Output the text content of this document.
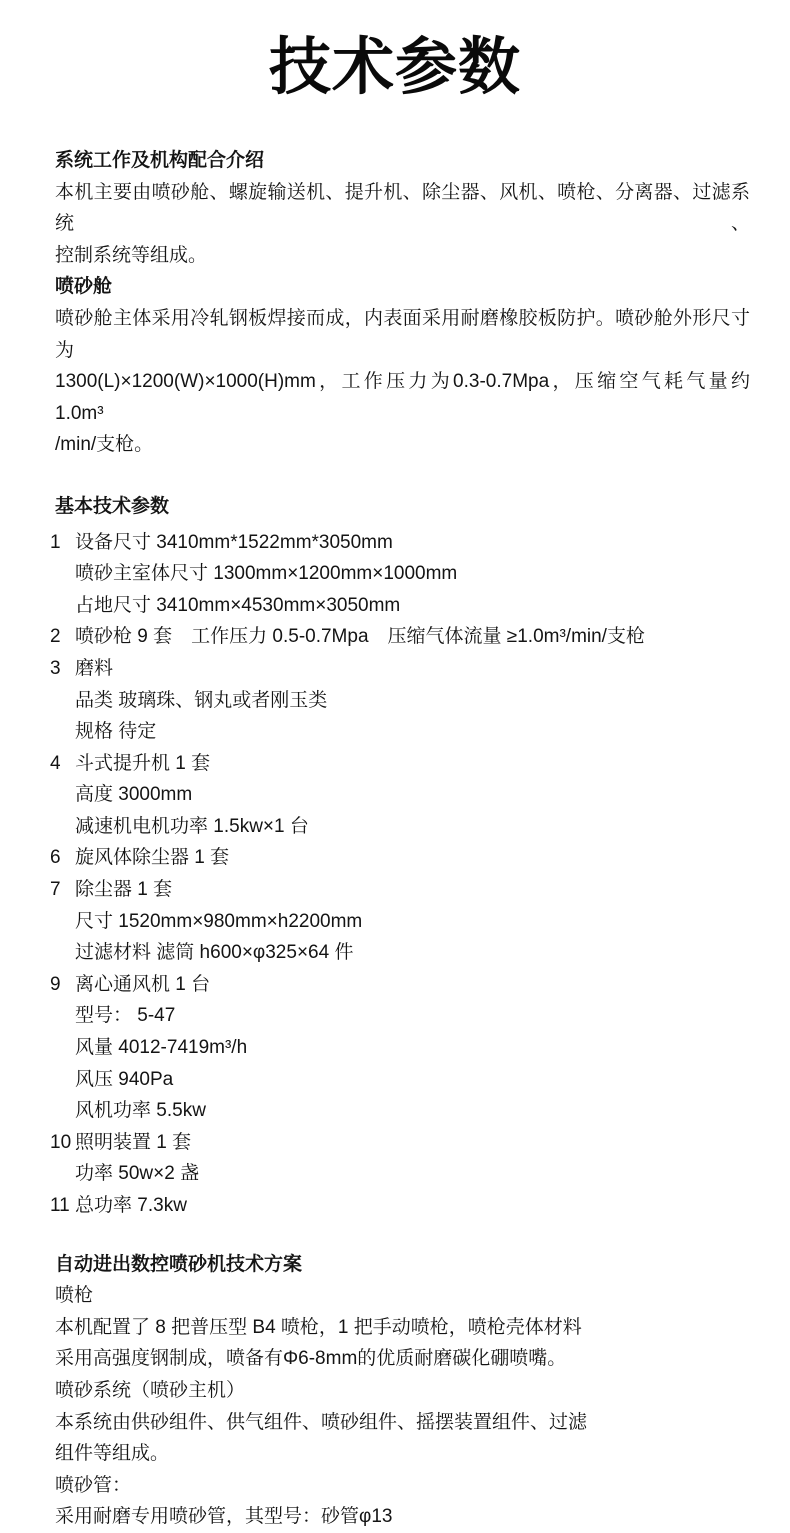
技术参数
系统工作及机构配合介绍
本机主要由喷砂舱、螺旋输送机、提升机、除尘器、风机、喷枪、分离器、过滤系统、
控制系统等组成。
喷砂舱
喷砂舱主体采用冷轧钢板焊接而成，内表面采用耐磨橡胶板防护。喷砂舱外形尺寸为
1300(L)×1200(W)×1000(H)mm，工作压力为0.3-0.7Mpa，压缩空气耗气量约 1.0m³
/min/支枪。
基本技术参数
1 设备尺寸 3410mm*1522mm*3050mm
喷砂主室体尺寸 1300mm×1200mm×1000mm
占地尺寸 3410mm×4530mm×3050mm
2 喷砂枪 9 套　工作压力 0.5-0.7Mpa　压缩气体流量 ≥1.0m³/min/支枪
3 磨料
品类 玻璃珠、钢丸或者刚玉类
规格 待定
4 斗式提升机 1 套
高度 3000mm
减速机电机功率 1.5kw×1 台
6 旋风体除尘器 1 套
7 除尘器 1 套
尺寸 1520mm×980mm×h2200mm
过滤材料 滤筒 h600×φ325×64 件
9 离心通风机 1 台
型号： 5-47
风量 4012-7419m³/h
风压 940Pa
风机功率 5.5kw
10 照明装置 1 套
功率 50w×2 盏
11 总功率 7.3kw
自动进出数控喷砂机技术方案
喷枪
本机配置了 8 把普压型 B4 喷枪，1 把手动喷枪，喷枪壳体材料
采用高强度钢制成，喷备有Φ6-8mm的优质耐磨碳化硼喷嘴。
喷砂系统（喷砂主机）
本系统由供砂组件、供气组件、喷砂组件、摇摆装置组件、过滤
组件等组成。
喷砂管：
采用耐磨专用喷砂管，其型号：砂管φ13
